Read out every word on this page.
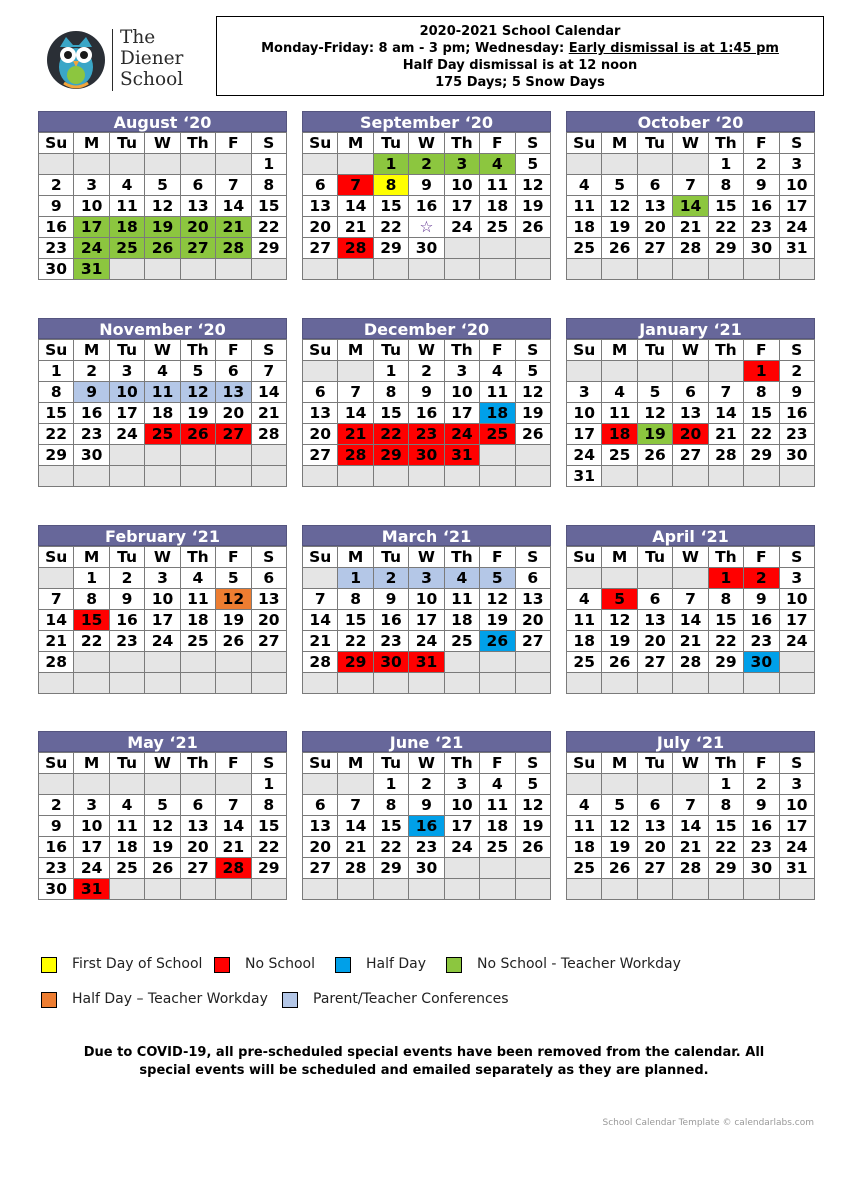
The
Diener
School
2020-2021 School Calendar
Monday-Friday: 8 am - 3 pm; Wednesday: Early dismissal is at 1:45 pm
Half Day dismissal is at 12 noon
175 Days; 5 Snow Days
August ‘20
Su	M	Tu	W	Th	F	S
						1
2	3	4	5	6	7	8
9	10	11	12	13	14	15
16	17	18	19	20	21	22
23	24	25	26	27	28	29
30	31					
September ‘20
Su	M	Tu	W	Th	F	S
		1	2	3	4	5
6	7	8	9	10	11	12
13	14	15	16	17	18	19
20	21	22	☆	24	25	26
27	28	29	30			

October ‘20
Su	M	Tu	W	Th	F	S
				1	2	3
4	5	6	7	8	9	10
11	12	13	14	15	16	17
18	19	20	21	22	23	24
25	26	27	28	29	30	31

November ‘20
Su	M	Tu	W	Th	F	S
1	2	3	4	5	6	7
8	9	10	11	12	13	14
15	16	17	18	19	20	21
22	23	24	25	26	27	28
29	30					

December ‘20
Su	M	Tu	W	Th	F	S
		1	2	3	4	5
6	7	8	9	10	11	12
13	14	15	16	17	18	19
20	21	22	23	24	25	26
27	28	29	30	31		

January ‘21
Su	M	Tu	W	Th	F	S
					1	2
3	4	5	6	7	8	9
10	11	12	13	14	15	16
17	18	19	20	21	22	23
24	25	26	27	28	29	30
31						
February ‘21
Su	M	Tu	W	Th	F	S
	1	2	3	4	5	6
7	8	9	10	11	12	13
14	15	16	17	18	19	20
21	22	23	24	25	26	27
28						

March ‘21
Su	M	Tu	W	Th	F	S
	1	2	3	4	5	6
7	8	9	10	11	12	13
14	15	16	17	18	19	20
21	22	23	24	25	26	27
28	29	30	31			

April ‘21
Su	M	Tu	W	Th	F	S
				1	2	3
4	5	6	7	8	9	10
11	12	13	14	15	16	17
18	19	20	21	22	23	24
25	26	27	28	29	30	

May ‘21
Su	M	Tu	W	Th	F	S
						1
2	3	4	5	6	7	8
9	10	11	12	13	14	15
16	17	18	19	20	21	22
23	24	25	26	27	28	29
30	31					
June ‘21
Su	M	Tu	W	Th	F	S
		1	2	3	4	5
6	7	8	9	10	11	12
13	14	15	16	17	18	19
20	21	22	23	24	25	26
27	28	29	30			

July ‘21
Su	M	Tu	W	Th	F	S
				1	2	3
4	5	6	7	8	9	10
11	12	13	14	15	16	17
18	19	20	21	22	23	24
25	26	27	28	29	30	31

First Day of School	No School	Half Day	No School - Teacher Workday
Half Day – Teacher Workday	Parent/Teacher Conferences
Due to COVID-19, all pre-scheduled special events have been removed from the calendar. All special events will be scheduled and emailed separately as they are planned.
School Calendar Template © calendarlabs.com
